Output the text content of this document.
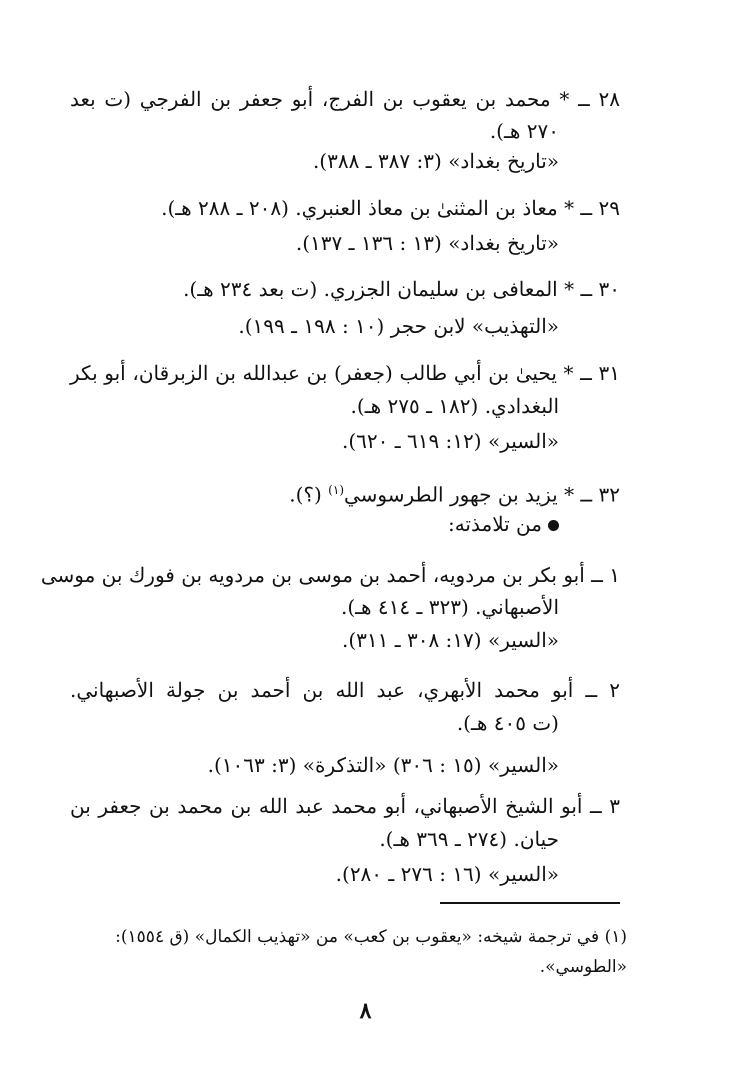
٢٨ ــ * محمد بن يعقوب بن الفرج، أبو جعفر بن الفرجي (ت بعد
٢٧٠ هـ).
«تاريخ بغداد» (٣: ٣٨٧ ـ ٣٨٨).
٢٩ ــ * معاذ بن المثنىٰ بن معاذ العنبري. (٢٠٨ ـ ٢٨٨ هـ).
«تاريخ بغداد» (١٣ : ١٣٦ ـ ١٣٧).
٣٠ ــ * المعافى بن سليمان الجزري. (ت بعد ٢٣٤ هـ).
«التهذيب» لابن حجر (١٠ : ١٩٨ ـ ١٩٩).
٣١ ــ * يحيىٰ بن أبي طالب (جعفر) بن عبدالله بن الزبرقان، أبو بكر
البغدادي. (١٨٢ ـ ٢٧٥ هـ).
«السير» (١٢: ٦١٩ ـ ٦٢٠).
٣٢ ــ * يزيد بن جهور الطرسوسي$^{(١)}$ (؟).
من تلامذته:
١ ــ أبو بكر بن مردويه، أحمد بن موسى بن مردويه بن فورك بن موسى
الأصبهاني. (٣٢٣ ـ ٤١٤ هـ).
«السير» (١٧: ٣٠٨ ـ ٣١١).
٢ ــ أبو محمد الأبهري، عبد الله بن أحمد بن جولة الأصبهاني.
(ت ٤٠٥ هـ).
«السير» (١٥ : ٣٠٦) «التذكرة» (٣: ١٠٦٣).
٣ ــ أبو الشيخ الأصبهاني، أبو محمد عبد الله بن محمد بن جعفر بن
حيان. (٢٧٤ ـ ٣٦٩ هـ).
«السير» (١٦ : ٢٧٦ ـ ٢٨٠).
(١) في ترجمة شيخه: «يعقوب بن كعب» من «تهذيب الكمال» (ق ١٥٥٤):
«الطوسي».
٨
